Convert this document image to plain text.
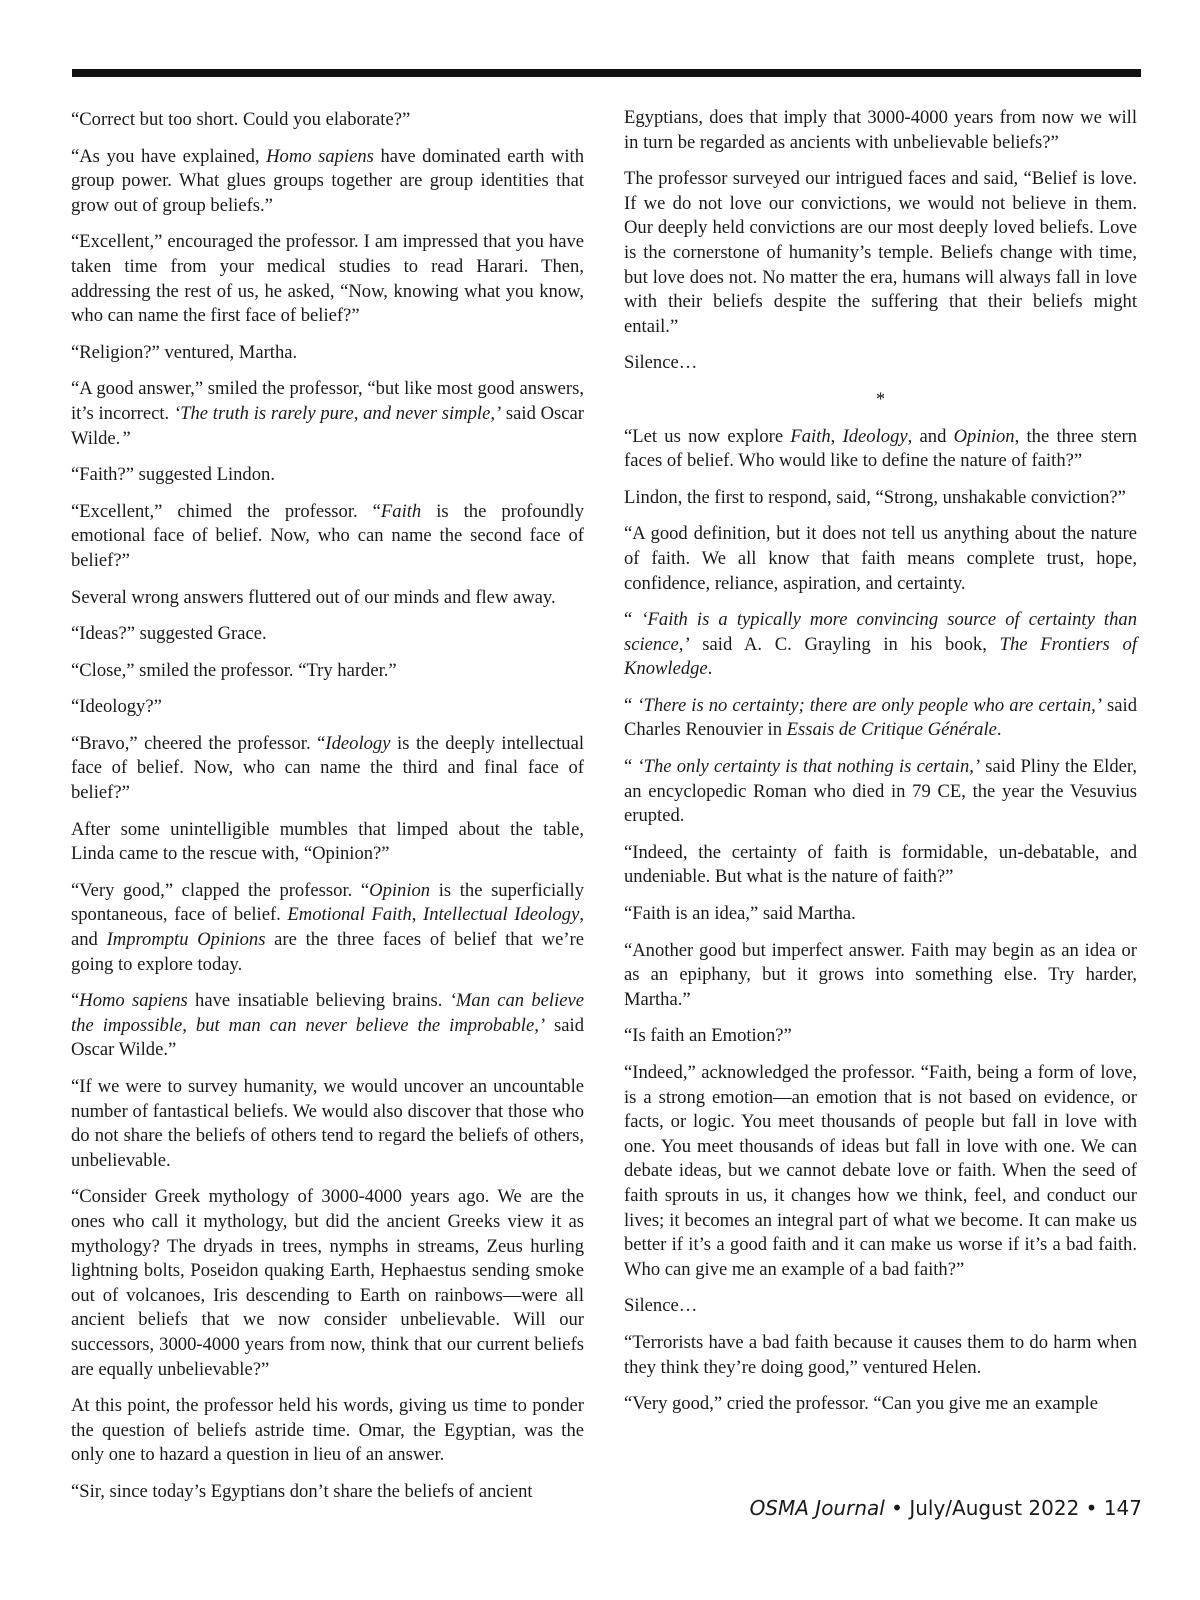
“Correct but too short. Could you elaborate?”

“As you have explained, Homo sapiens have dominated earth with group power. What glues groups together are group identities that grow out of group beliefs.”

“Excellent,” encouraged the professor. I am impressed that you have taken time from your medical studies to read Harari. Then, addressing the rest of us, he asked, “Now, knowing what you know, who can name the first face of belief?”

“Religion?” ventured, Martha.

“A good answer,” smiled the professor, “but like most good answers, it’s incorrect. ‘The truth is rarely pure, and never simple,’ said Oscar Wilde.”

“Faith?” suggested Lindon.

“Excellent,” chimed the professor. “Faith is the profoundly emotional face of belief. Now, who can name the second face of belief?”

Several wrong answers fluttered out of our minds and flew away.

“Ideas?” suggested Grace.

“Close,” smiled the professor. “Try harder.”

“Ideology?”

“Bravo,” cheered the professor. “Ideology is the deeply intellectual face of belief. Now, who can name the third and final face of belief?”

After some unintelligible mumbles that limped about the table, Linda came to the rescue with, “Opinion?”

“Very good,” clapped the professor. “Opinion is the superficially spontaneous, face of belief. Emotional Faith, Intellectual Ideology, and Impromptu Opinions are the three faces of belief that we’re going to explore today.

“Homo sapiens have insatiable believing brains. ‘Man can believe the impossible, but man can never believe the improbable,’ said Oscar Wilde.”

“If we were to survey humanity, we would uncover an uncountable number of fantastical beliefs. We would also discover that those who do not share the beliefs of others tend to regard the beliefs of others, unbelievable.

“Consider Greek mythology of 3000-4000 years ago. We are the ones who call it mythology, but did the ancient Greeks view it as mythology? The dryads in trees, nymphs in streams, Zeus hurling lightning bolts, Poseidon quaking Earth, Hephaestus sending smoke out of volcanoes, Iris descending to Earth on rainbows—were all ancient beliefs that we now consider unbelievable. Will our successors, 3000-4000 years from now, think that our current beliefs are equally unbelievable?”

At this point, the professor held his words, giving us time to ponder the question of beliefs astride time. Omar, the Egyptian, was the only one to hazard a question in lieu of an answer.

“Sir, since today’s Egyptians don’t share the beliefs of ancient

Egyptians, does that imply that 3000-4000 years from now we will in turn be regarded as ancients with unbelievable beliefs?”

The professor surveyed our intrigued faces and said, “Belief is love. If we do not love our convictions, we would not believe in them. Our deeply held convictions are our most deeply loved beliefs. Love is the cornerstone of humanity’s temple. Beliefs change with time, but love does not. No matter the era, humans will always fall in love with their beliefs despite the suffering that their beliefs might entail.”

Silence…

*

“Let us now explore Faith, Ideology, and Opinion, the three stern faces of belief. Who would like to define the nature of faith?”

Lindon, the first to respond, said, “Strong, unshakable conviction?”

“A good definition, but it does not tell us anything about the nature of faith. We all know that faith means complete trust, hope, confidence, reliance, aspiration, and certainty.

“ ‘Faith is a typically more convincing source of certainty than science,’ said A. C. Grayling in his book, The Frontiers of Knowledge.

“ ‘There is no certainty; there are only people who are certain,’ said Charles Renouvier in Essais de Critique Générale.

“ ‘The only certainty is that nothing is certain,’ said Pliny the Elder, an encyclopedic Roman who died in 79 CE, the year the Vesuvius erupted.

“Indeed, the certainty of faith is formidable, un-debatable, and undeniable. But what is the nature of faith?”

“Faith is an idea,” said Martha.

“Another good but imperfect answer. Faith may begin as an idea or as an epiphany, but it grows into something else. Try harder, Martha.”

“Is faith an Emotion?”

“Indeed,” acknowledged the professor. “Faith, being a form of love, is a strong emotion—an emotion that is not based on evidence, or facts, or logic. You meet thousands of people but fall in love with one. You meet thousands of ideas but fall in love with one. We can debate ideas, but we cannot debate love or faith. When the seed of faith sprouts in us, it changes how we think, feel, and conduct our lives; it becomes an integral part of what we become. It can make us better if it’s a good faith and it can make us worse if it’s a bad faith. Who can give me an example of a bad faith?”

Silence…

“Terrorists have a bad faith because it causes them to do harm when they think they’re doing good,” ventured Helen.

“Very good,” cried the professor. “Can you give me an example

OSMA Journal • July/August 2022 • 147
